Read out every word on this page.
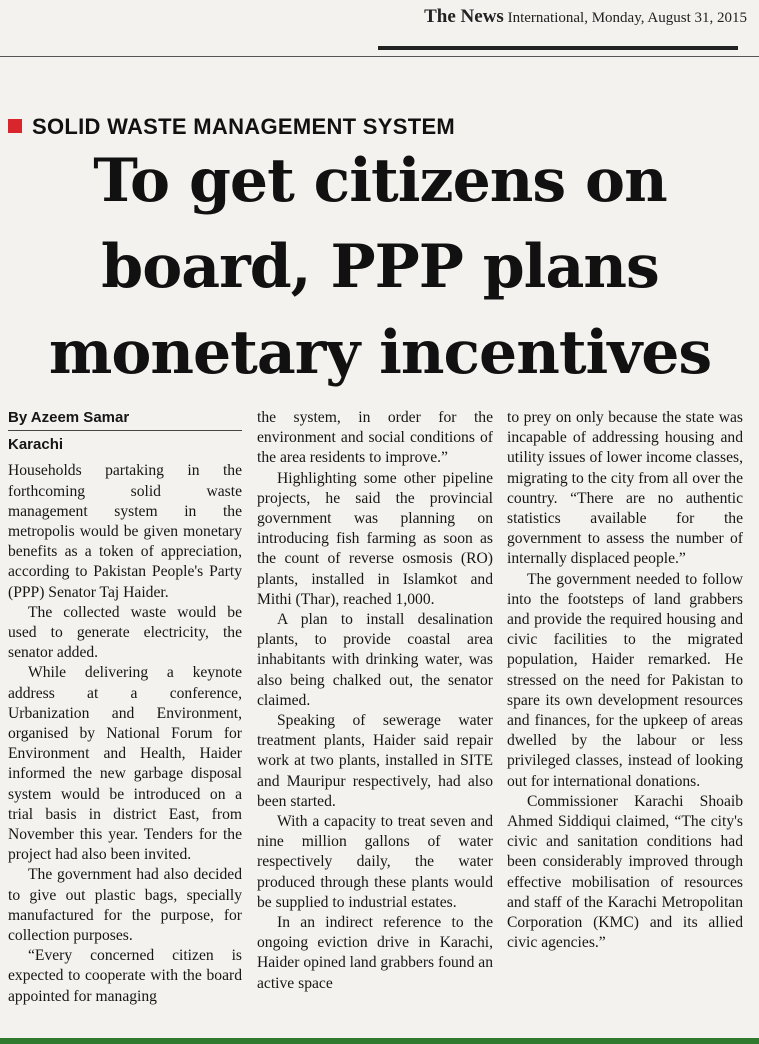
The News International, Monday, August 31, 2015
SOLID WASTE MANAGEMENT SYSTEM
To get citizens on
board, PPP plans
monetary incentives
By Azeem Samar
Karachi

Households partaking in the forthcoming solid waste management system in the metropolis would be given monetary benefits as a token of appreciation, according to Pakistan People's Party (PPP) Senator Taj Haider.

The collected waste would be used to generate electricity, the senator added.

While delivering a keynote address at a conference, Urbanization and Environment, organised by National Forum for Environment and Health, Haider informed the new garbage disposal system would be introduced on a trial basis in district East, from November this year. Tenders for the project had also been invited.

The government had also decided to give out plastic bags, specially manufactured for the purpose, for collection purposes.

“Every concerned citizen is expected to cooperate with the board appointed for managing

the system, in order for the environment and social conditions of the area residents to improve.”

Highlighting some other pipeline projects, he said the provincial government was planning on introducing fish farming as soon as the count of reverse osmosis (RO) plants, installed in Islamkot and Mithi (Thar), reached 1,000.

A plan to install desalination plants, to provide coastal area inhabitants with drinking water, was also being chalked out, the senator claimed.

Speaking of sewerage water treatment plants, Haider said repair work at two plants, installed in SITE and Mauripur respectively, had also been started.

With a capacity to treat seven and nine million gallons of water respectively daily, the water produced through these plants would be supplied to industrial estates.

In an indirect reference to the ongoing eviction drive in Karachi, Haider opined land grabbers found an active space

to prey on only because the state was incapable of addressing housing and utility issues of lower income classes, migrating to the city from all over the country. “There are no authentic statistics available for the government to assess the number of internally displaced people.”

The government needed to follow into the footsteps of land grabbers and provide the required housing and civic facilities to the migrated population, Haider remarked. He stressed on the need for Pakistan to spare its own development resources and finances, for the upkeep of areas dwelled by the labour or less privileged classes, instead of looking out for international donations.

Commissioner Karachi Shoaib Ahmed Siddiqui claimed, “The city's civic and sanitation conditions had been considerably improved through effective mobilisation of resources and staff of the Karachi Metropolitan Corporation (KMC) and its allied civic agencies.”
